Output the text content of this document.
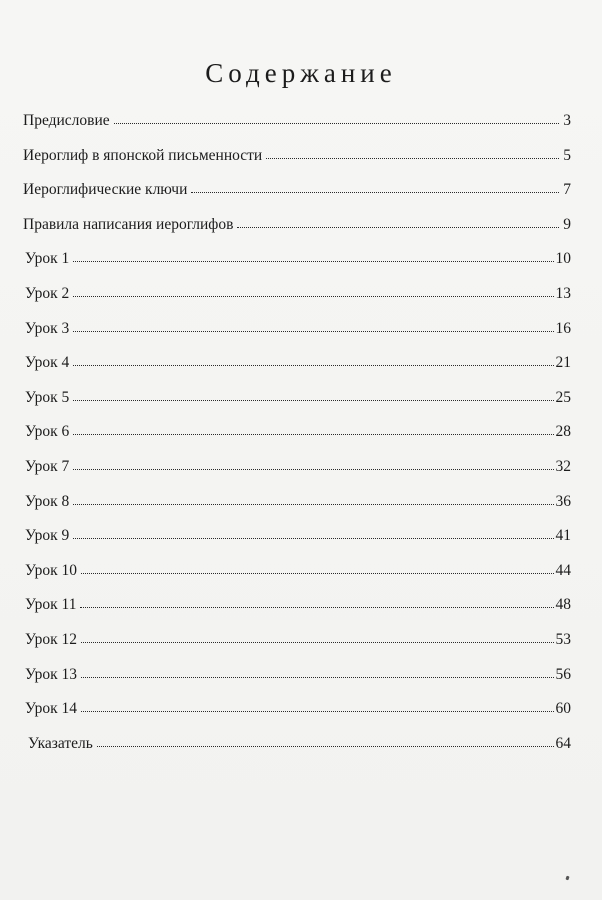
Содержание
Предисловие	3
Иероглиф в японской письменности	5
Иероглифические ключи	7
Правила написания иероглифов	9
Урок 1	10
Урок 2	13
Урок 3	16
Урок 4	21
Урок 5	25
Урок 6	28
Урок 7	32
Урок 8	36
Урок 9	41
Урок 10	44
Урок 11	48
Урок 12	53
Урок 13	56
Урок 14	60
Указатель	64
